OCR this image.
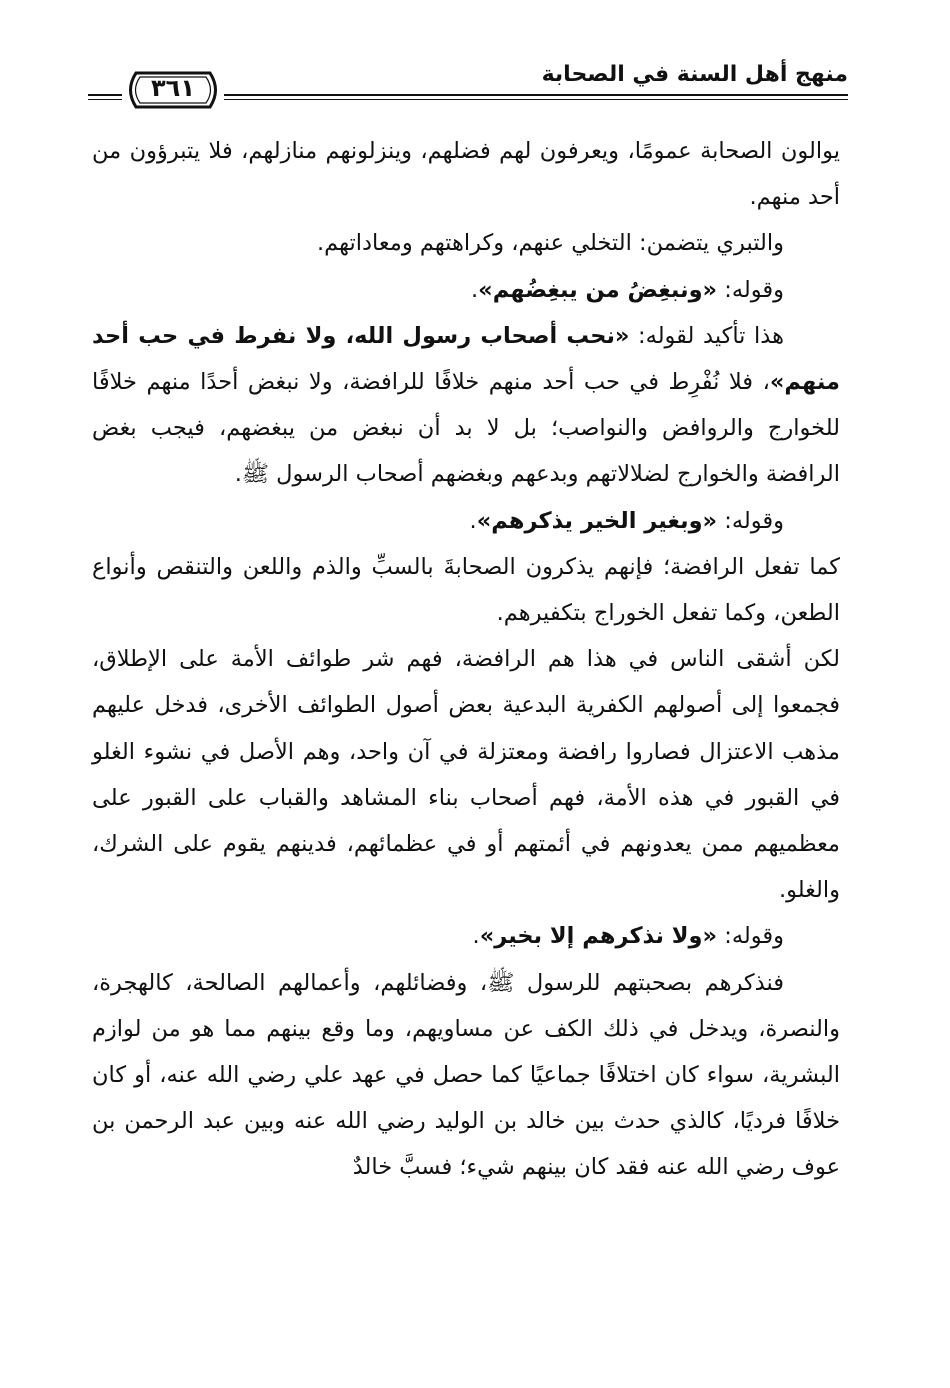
منهج أهل السنة في الصحابة
٣٦١

يوالون الصحابة عمومًا، ويعرفون لهم فضلهم، وينزلونهم منازلهم، فلا يتبرؤون من أحد منهم.

والتبري يتضمن: التخلي عنهم، وكراهتهم ومعاداتهم.

وقوله: «ونبغِضُ من يبغِضُهم».

هذا تأكيد لقوله: «نحب أصحاب رسول الله، ولا نفرط في حب أحد منهم»، فلا نُفْرِط في حب أحد منهم خلافًا للرافضة، ولا نبغض أحدًا منهم خلافًا للخوارج والروافض والنواصب؛ بل لا بد أن نبغض من يبغضهم، فيجب بغض الرافضة والخوارج لضلالاتهم وبدعهم وبغضهم أصحاب الرسول ﷺ.

وقوله: «وبغير الخير يذكرهم».

كما تفعل الرافضة؛ فإنهم يذكرون الصحابةَ بالسبِّ والذم واللعن والتنقص وأنواع الطعن، وكما تفعل الخوراج بتكفيرهم.

لكن أشقى الناس في هذا هم الرافضة، فهم شر طوائف الأمة على الإطلاق، فجمعوا إلى أصولهم الكفرية البدعية بعض أصول الطوائف الأخرى، فدخل عليهم مذهب الاعتزال فصاروا رافضة ومعتزلة في آن واحد، وهم الأصل في نشوء الغلو في القبور في هذه الأمة، فهم أصحاب بناء المشاهد والقباب على القبور على معظميهم ممن يعدونهم في أئمتهم أو في عظمائهم، فدينهم يقوم على الشرك، والغلو.

وقوله: «ولا نذكرهم إلا بخير».

فنذكرهم بصحبتهم للرسول ﷺ، وفضائلهم، وأعمالهم الصالحة، كالهجرة، والنصرة، ويدخل في ذلك الكف عن مساويهم، وما وقع بينهم مما هو من لوازم البشرية، سواء كان اختلافًا جماعيًا كما حصل في عهد علي رضي الله عنه، أو كان خلافًا فرديًا، كالذي حدث بين خالد بن الوليد رضي الله عنه وبين عبد الرحمن بن عوف رضي الله عنه فقد كان بينهم شيء؛ فسبَّ خالدٌ
